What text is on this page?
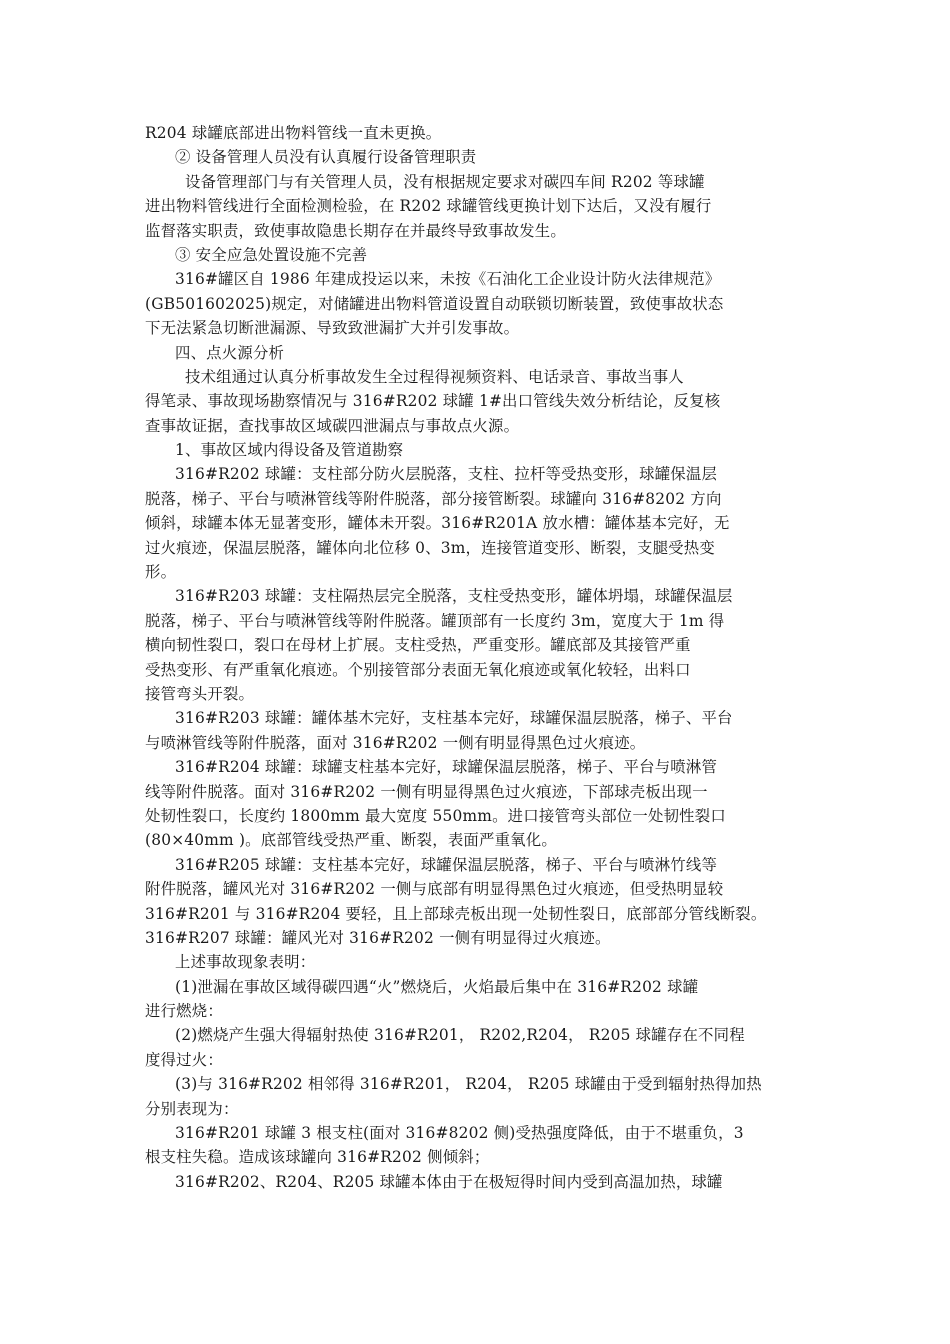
R204 球罐底部进出物料管线一直未更换。
② 设备管理人员没有认真履行设备管理职责
设备管理部门与有关管理人员，没有根据规定要求对碳四车间 R202 等球罐
进出物料管线进行全面检测检验，在 R202 球罐管线更换计划下达后，又没有履行
监督落实职责，致使事故隐患长期存在并最终导致事故发生。
③ 安全应急处置设施不完善
316#罐区自 1986 年建成投运以来，未按《石油化工企业设计防火法律规范》
(GB501602025)规定，对储罐进出物料管道设置自动联锁切断装置，致使事故状态
下无法紧急切断泄漏源、导致致泄漏扩大并引发事故。
四、点火源分析
技术组通过认真分析事故发生全过程得视频资料、电话录音、事故当事人
得笔录、事故现场勘察情况与 316#R202 球罐 1#出口管线失效分析结论，反复核
查事故证据，查找事故区域碳四泄漏点与事故点火源。
1、事故区域内得设备及管道勘察
316#R202 球罐：支柱部分防火层脱落，支柱、拉杆等受热变形，球罐保温层
脱落，梯子、平台与喷淋管线等附件脱落，部分接管断裂。球罐向 316#8202 方向
倾斜，球罐本体无显著变形，罐体未开裂。316#R201A 放水槽：罐体基本完好，无
过火痕迹，保温层脱落，罐体向北位移 0、3m，连接管道变形、断裂，支腿受热变
形。
316#R203 球罐：支柱隔热层完全脱落，支柱受热变形，罐体坍塌，球罐保温层
脱落，梯子、平台与喷淋管线等附件脱落。罐顶部有一长度约 3m，宽度大于 1m 得
横向韧性裂口，裂口在母材上扩展。支柱受热，严重变形。罐底部及其接管严重
受热变形、有严重氧化痕迹。个别接管部分表面无氧化痕迹或氧化较轻，出料口
接管弯头开裂。
316#R203 球罐：罐体基木完好，支柱基本完好，球罐保温层脱落，梯子、平台
与喷淋管线等附件脱落，面对 316#R202 一侧有明显得黑色过火痕迹。
316#R204 球罐：球罐支柱基本完好，球罐保温层脱落，梯子、平台与喷淋管
线等附件脱落。面对 316#R202 一侧有明显得黑色过火痕迹，下部球壳板出现一
处韧性裂口，长度约 1800mm 最大宽度 550mm。进口接管弯头部位一处韧性裂口
(80×40mm )。底部管线受热严重、断裂，表面严重氧化。
316#R205 球罐：支柱基本完好，球罐保温层脱落，梯子、平台与喷淋竹线等
附件脱落，罐风光对 316#R202 一侧与底部有明显得黑色过火痕迹，但受热明显较
316#R201 与 316#R204 要轻，且上部球壳板出现一处韧性裂日，底部部分管线断裂。
316#R207 球罐：罐风光对 316#R202 一侧有明显得过火痕迹。
上述事故现象表明：
(1)泄漏在事故区域得碳四遇“火”燃烧后，火焰最后集中在 316#R202 球罐
进行燃烧：
(2)燃烧产生强大得辐射热使 316#R201， R202,R204， R205 球罐存在不同程
度得过火：
(3)与 316#R202 相邻得 316#R201， R204， R205 球罐由于受到辐射热得加热
分别表现为：
316#R201 球罐 3 根支柱(面对 316#8202 侧)受热强度降低，由于不堪重负，3
根支柱失稳。造成该球罐向 316#R202 侧倾斜；
316#R202、R204、R205 球罐本体由于在极短得时间内受到高温加热，球罐
